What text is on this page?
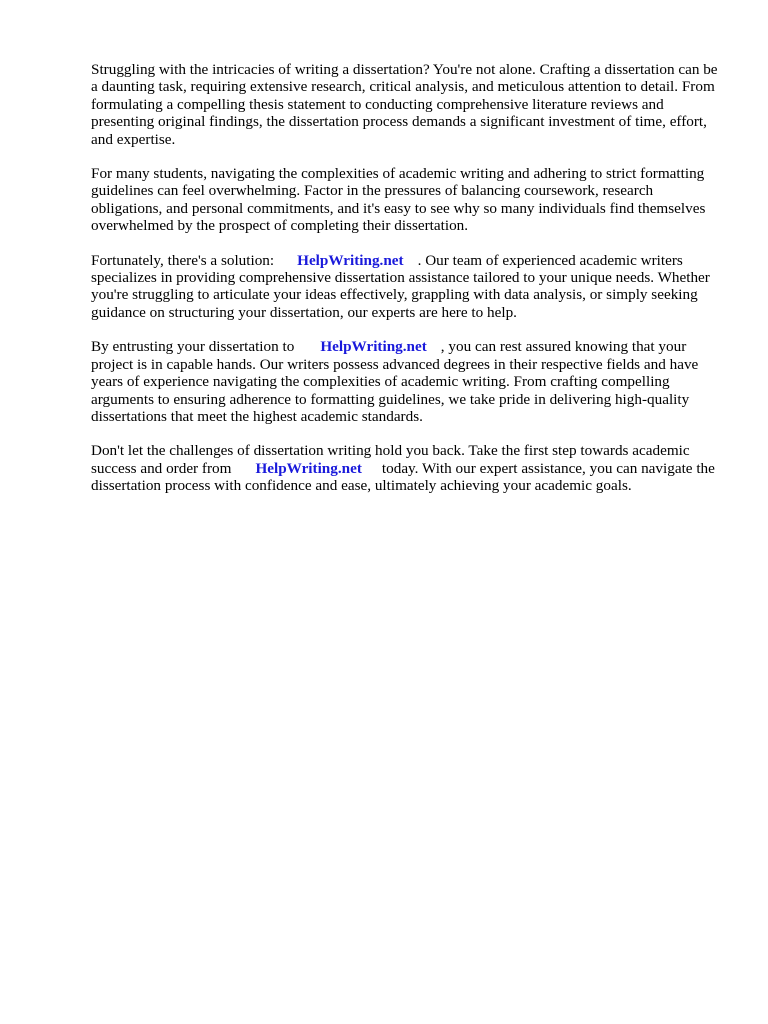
Struggling with the intricacies of writing a dissertation? You're not alone. Crafting a dissertation can be a daunting task, requiring extensive research, critical analysis, and meticulous attention to detail. From formulating a compelling thesis statement to conducting comprehensive literature reviews and presenting original findings, the dissertation process demands a significant investment of time, effort, and expertise.

For many students, navigating the complexities of academic writing and adhering to strict formatting guidelines can feel overwhelming. Factor in the pressures of balancing coursework, research obligations, and personal commitments, and it's easy to see why so many individuals find themselves overwhelmed by the prospect of completing their dissertation.

Fortunately, there's a solution: HelpWriting.net . Our team of experienced academic writers specializes in providing comprehensive dissertation assistance tailored to your unique needs. Whether you're struggling to articulate your ideas effectively, grappling with data analysis, or simply seeking guidance on structuring your dissertation, our experts are here to help.

By entrusting your dissertation to HelpWriting.net , you can rest assured knowing that your project is in capable hands. Our writers possess advanced degrees in their respective fields and have years of experience navigating the complexities of academic writing. From crafting compelling arguments to ensuring adherence to formatting guidelines, we take pride in delivering high-quality dissertations that meet the highest academic standards.

Don't let the challenges of dissertation writing hold you back. Take the first step towards academic success and order from HelpWriting.net today. With our expert assistance, you can navigate the dissertation process with confidence and ease, ultimately achieving your academic goals.
